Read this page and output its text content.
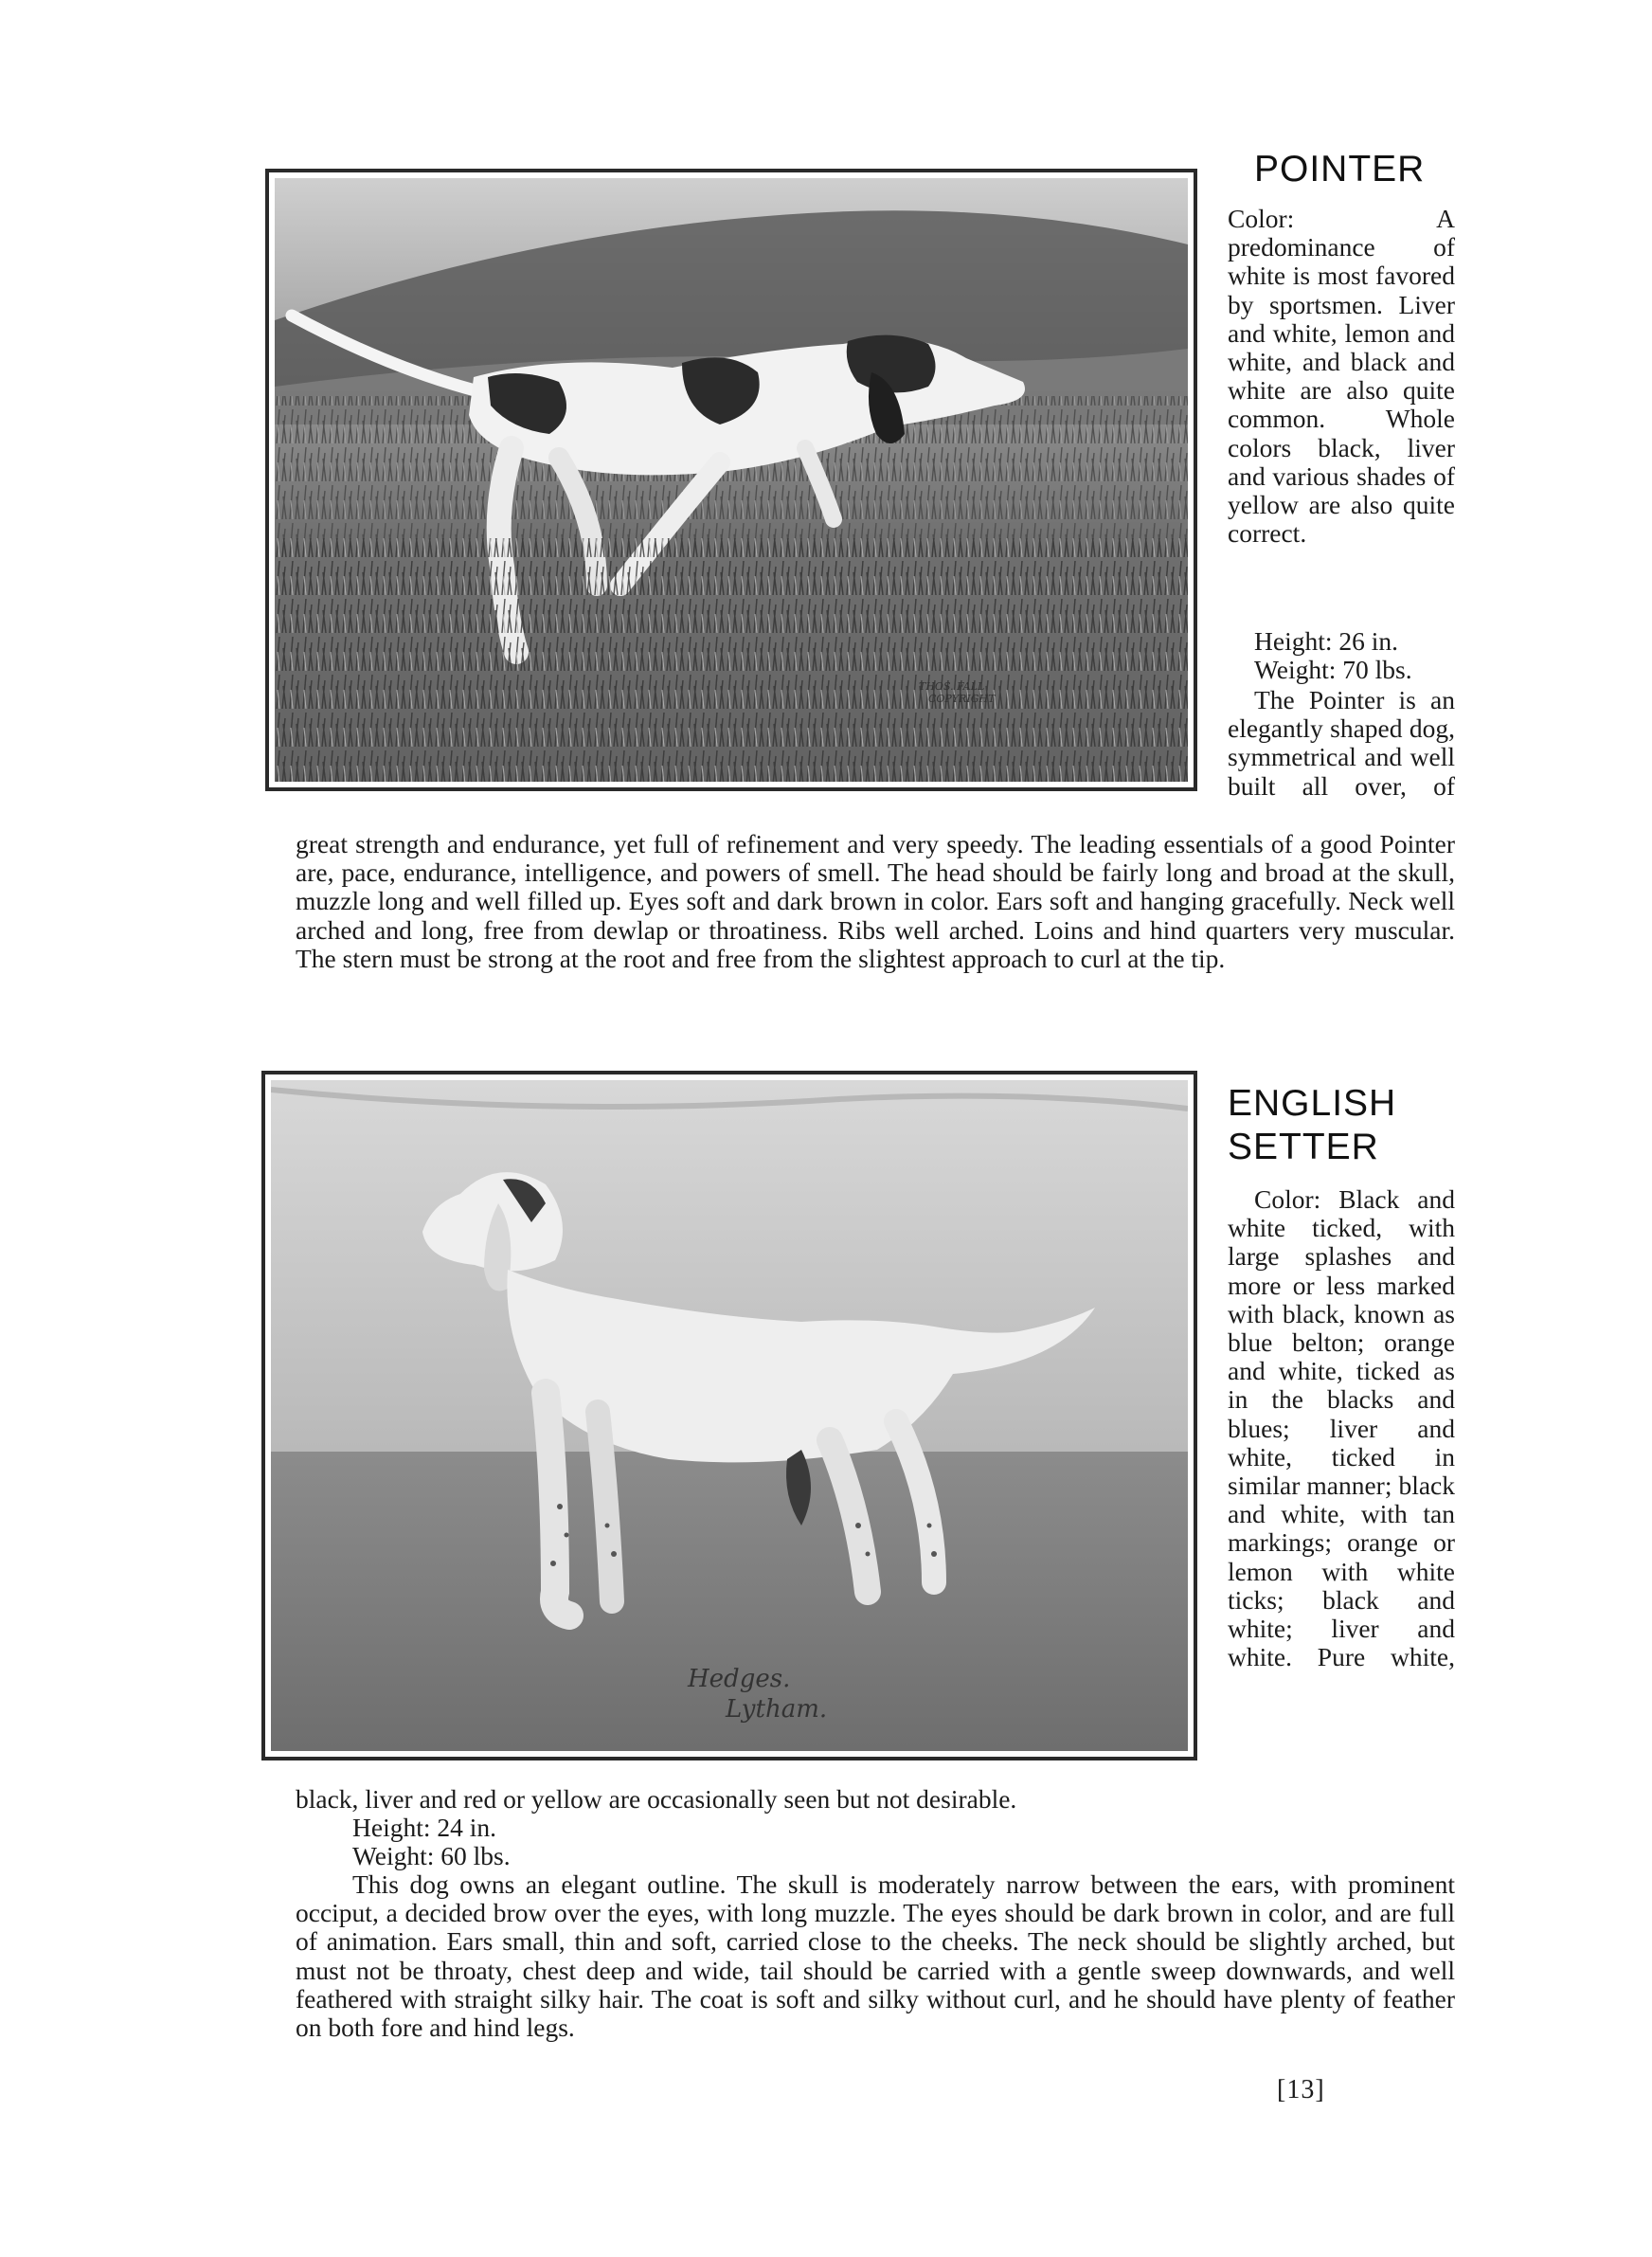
THOS. FALL
COPYRIGHT
POINTER

Color: A predominance of white is most favored by sportsmen. Liver and white, lemon and white, and black and white are also quite common. Whole colors black, liver and various shades of yellow are also quite correct.

Height: 26 in.

Weight: 70 lbs.

The Pointer is an elegantly shaped dog, symmetrical and well built all over, of

great strength and endurance, yet full of refinement and very speedy. The leading essentials of a good Pointer are, pace, endurance, intelligence, and powers of smell. The head should be fairly long and broad at the skull, muzzle long and well filled up. Eyes soft and dark brown in color. Ears soft and hanging gracefully. Neck well arched and long, free from dewlap or throatiness. Ribs well arched. Loins and hind quarters very muscular. The stern must be strong at the root and free from the slightest approach to curl at the tip.

Hedges.
Lytham.
ENGLISH
SETTER

Color: Black and white ticked, with large splashes and more or less marked with black, known as blue belton; orange and white, ticked as in the blacks and blues; liver and white, ticked in similar manner; black and white, with tan markings; orange or lemon with white ticks; black and white; liver and white. Pure white,

black, liver and red or yellow are occasionally seen but not desirable.

Height: 24 in.

Weight: 60 lbs.

This dog owns an elegant outline. The skull is moderately narrow between the ears, with prominent occiput, a decided brow over the eyes, with long muzzle. The eyes should be dark brown in color, and are full of animation. Ears small, thin and soft, carried close to the cheeks. The neck should be slightly arched, but must not be throaty, chest deep and wide, tail should be carried with a gentle sweep downwards, and well feathered with straight silky hair. The coat is soft and silky without curl, and he should have plenty of feather on both fore and hind legs.

[13]
